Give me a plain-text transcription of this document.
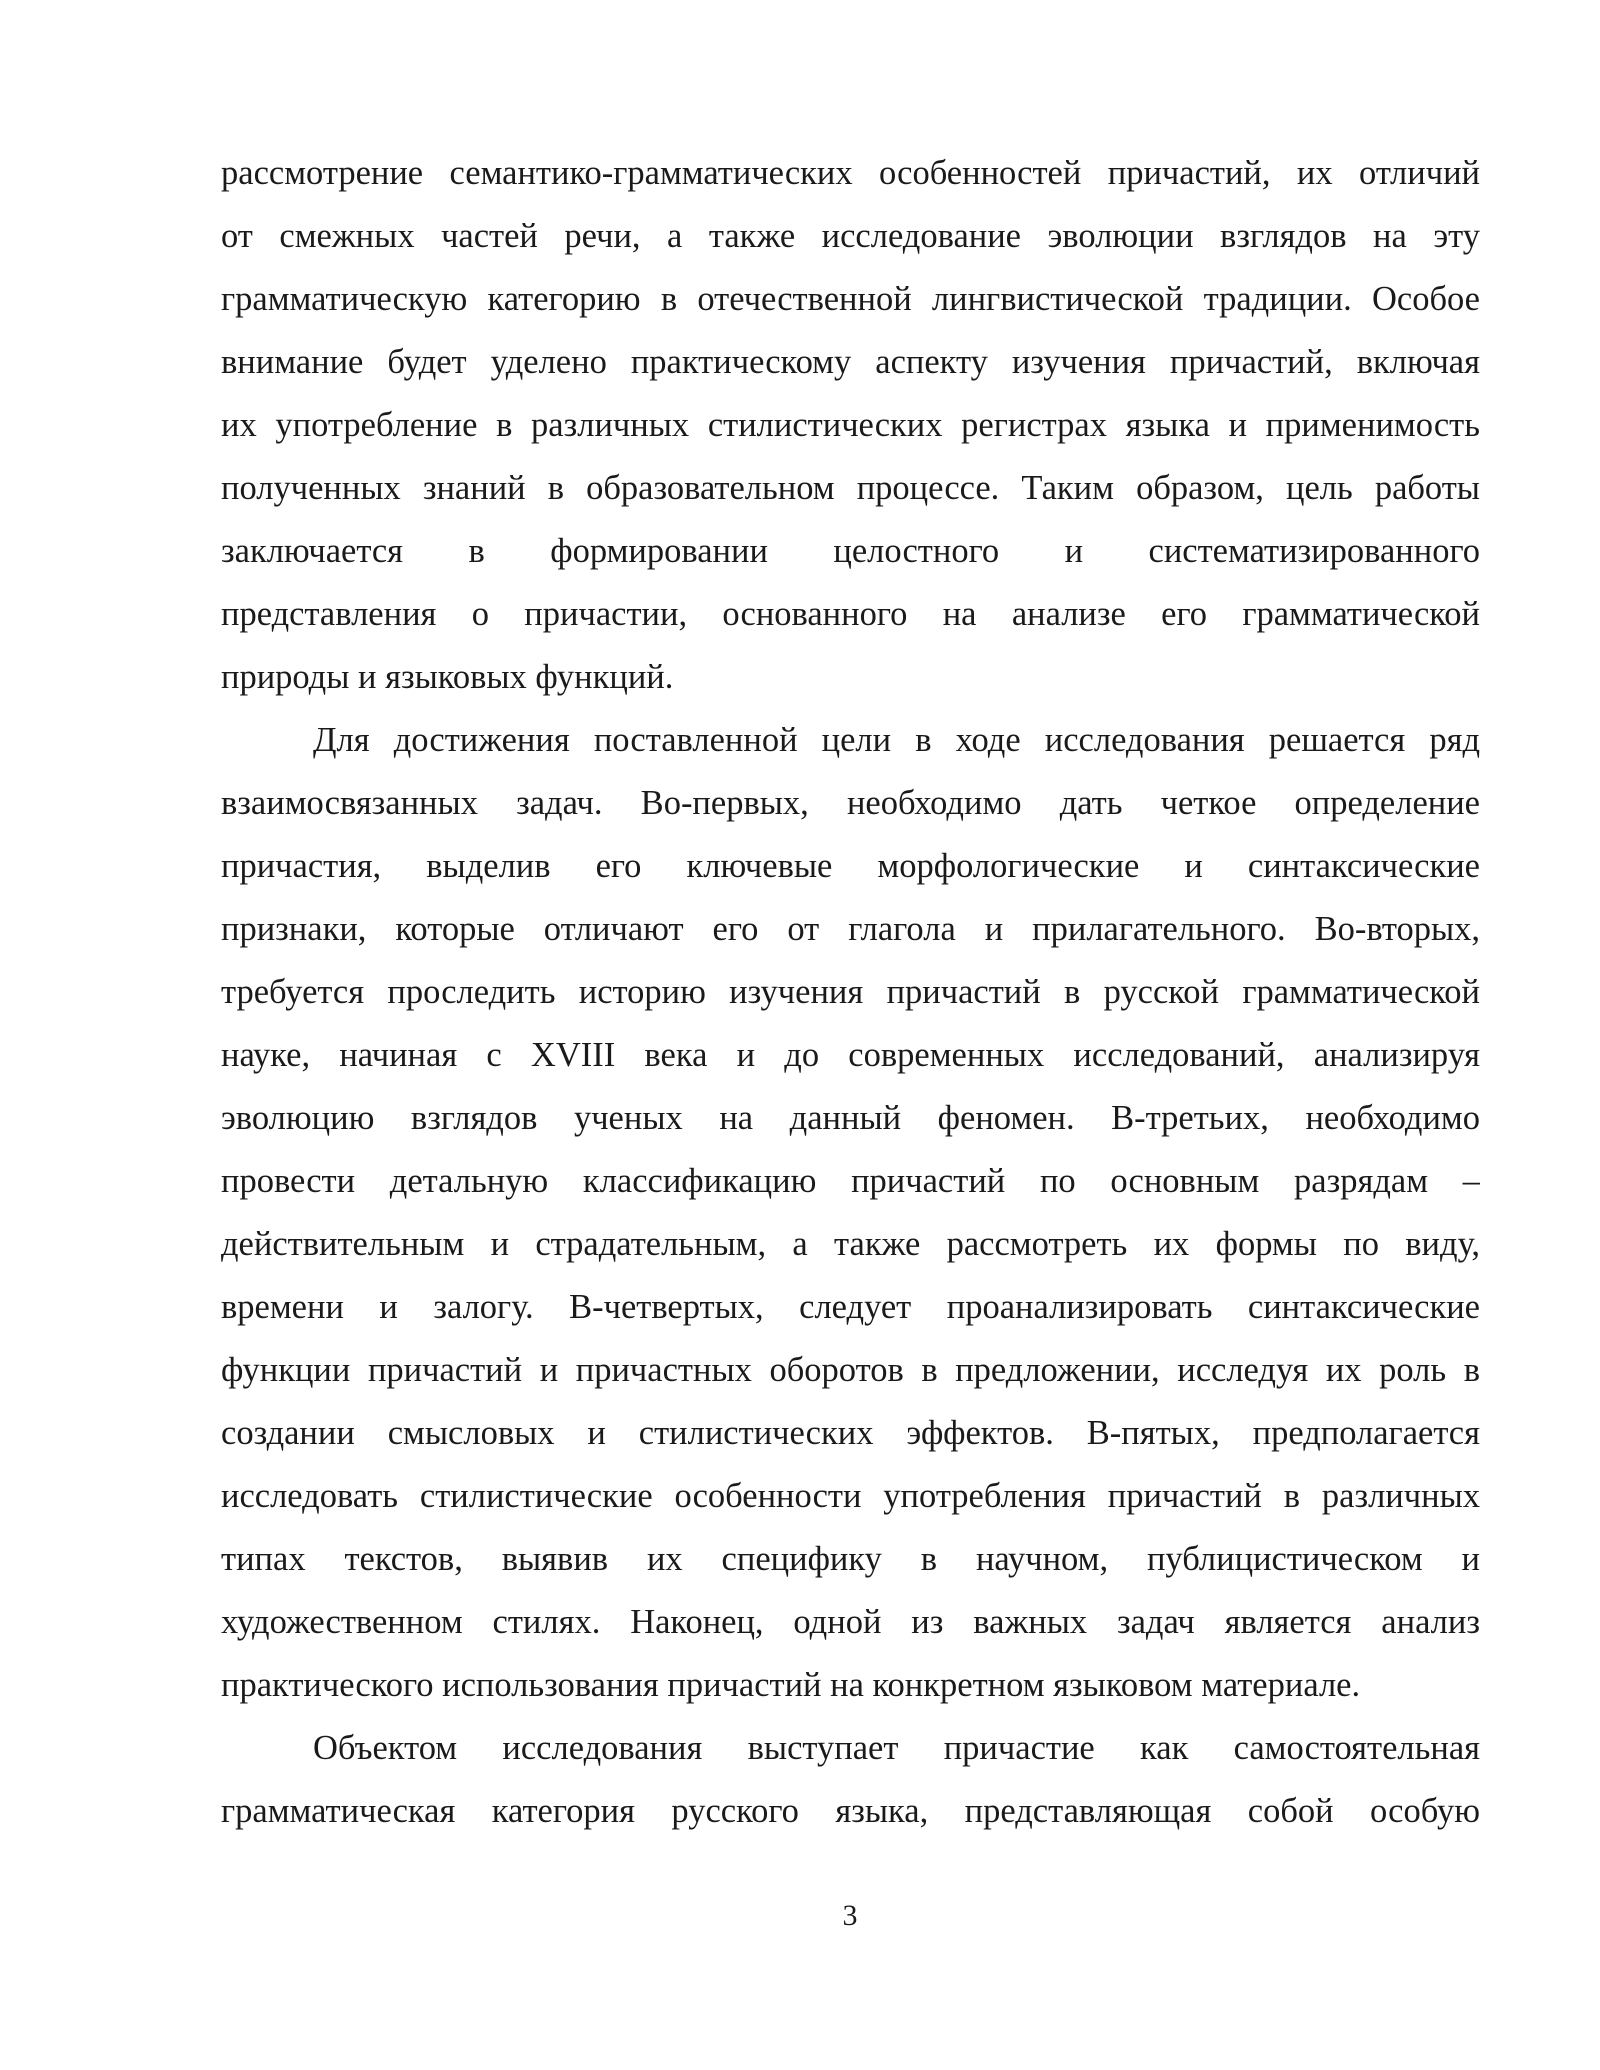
рассмотрение семантико-грамматических особенностей причастий, их отличий
от смежных частей речи, а также исследование эволюции взглядов на эту
грамматическую категорию в отечественной лингвистической традиции. Особое
внимание будет уделено практическому аспекту изучения причастий, включая
их употребление в различных стилистических регистрах языка и применимость
полученных знаний в образовательном процессе. Таким образом, цель работы
заключается в формировании целостного и систематизированного
представления о причастии, основанного на анализе его грамматической
природы и языковых функций.

Для достижения поставленной цели в ходе исследования решается ряд
взаимосвязанных задач. Во-первых, необходимо дать четкое определение
причастия, выделив его ключевые морфологические и синтаксические
признаки, которые отличают его от глагола и прилагательного. Во-вторых,
требуется проследить историю изучения причастий в русской грамматической
науке, начиная с XVIII века и до современных исследований, анализируя
эволюцию взглядов ученых на данный феномен. В-третьих, необходимо
провести детальную классификацию причастий по основным разрядам –
действительным и страдательным, а также рассмотреть их формы по виду,
времени и залогу. В-четвертых, следует проанализировать синтаксические
функции причастий и причастных оборотов в предложении, исследуя их роль в
создании смысловых и стилистических эффектов. В-пятых, предполагается
исследовать стилистические особенности употребления причастий в различных
типах текстов, выявив их специфику в научном, публицистическом и
художественном стилях. Наконец, одной из важных задач является анализ
практического использования причастий на конкретном языковом материале.

Объектом исследования выступает причастие как самостоятельная
грамматическая категория русского языка, представляющая собой особую

3
